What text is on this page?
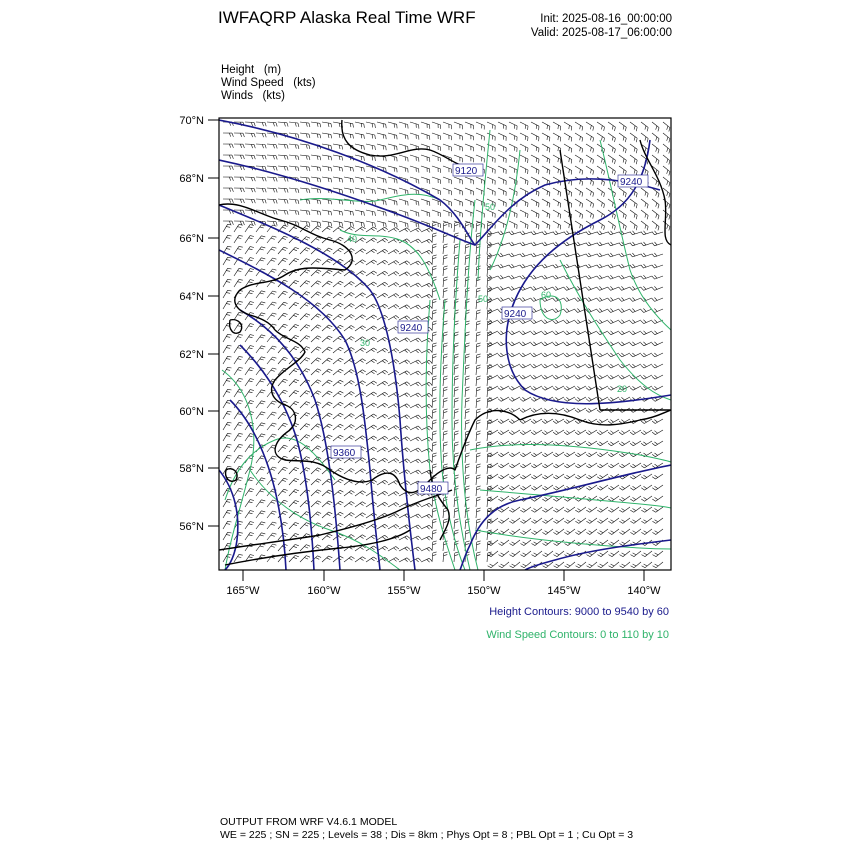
IWFAQRP Alaska Real Time WRF	Init: 2025-08-16_00:00:00
Valid: 2025-08-17_06:00:00
Height (m)
Wind Speed (kts)
Winds (kts)
9120
9240
9240
9240
9360
9480
40
50	60
30
20
50
70°N
68°N
66°N
64°N
62°N
60°N
58°N
56°N
165°W	160°W	155°W	150°W	145°W	140°W
Height Contours: 9000 to 9540 by 60
Wind Speed Contours: 0 to 110 by 10
OUTPUT FROM WRF V4.6.1 MODEL
WE = 225 ; SN = 225 ; Levels = 38 ; Dis = 8km ; Phys Opt = 8 ; PBL Opt = 1 ; Cu Opt = 3
